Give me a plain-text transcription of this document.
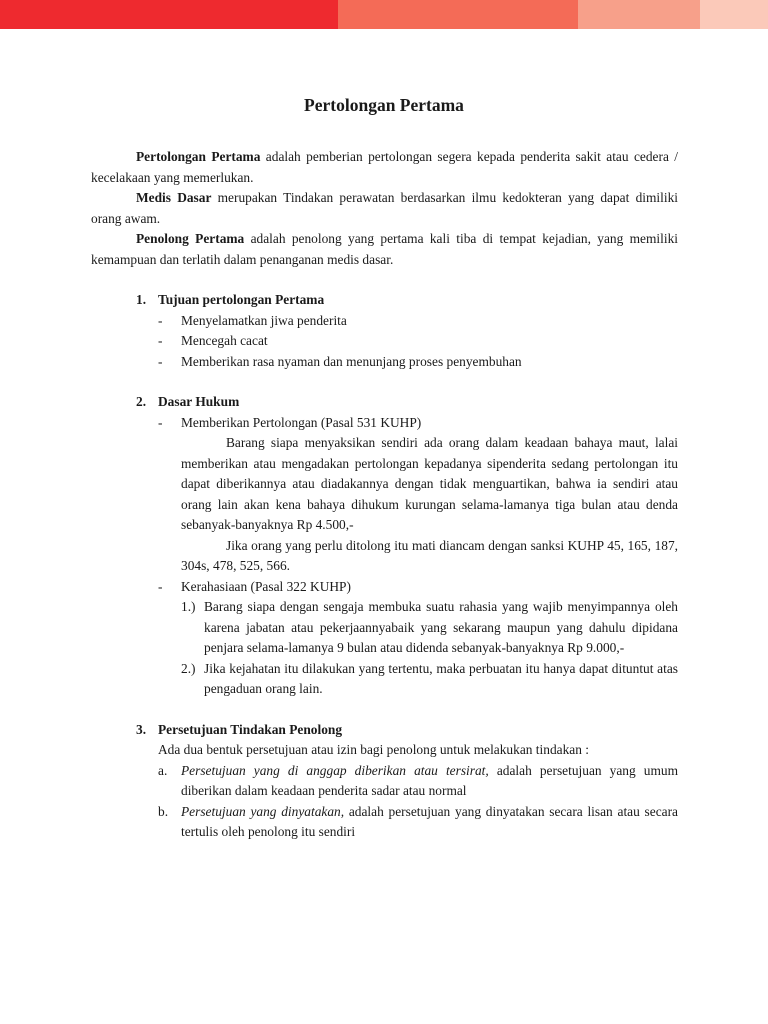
Pertolongan Pertama

Pertolongan Pertama adalah pemberian pertolongan segera kepada penderita sakit atau cedera / kecelakaan yang memerlukan.

Medis Dasar merupakan Tindakan perawatan berdasarkan ilmu kedokteran yang dapat dimiliki orang awam.

Penolong Pertama adalah penolong yang pertama kali tiba di tempat kejadian, yang memiliki kemampuan dan terlatih dalam penanganan medis dasar.

1. Tujuan pertolongan Pertama
- Menyelamatkan jiwa penderita
- Mencegah cacat
- Memberikan rasa nyaman dan menunjang proses penyembuhan
2. Dasar Hukum
- Memberikan Pertolongan (Pasal 531 KUHP)

Barang siapa menyaksikan sendiri ada orang dalam keadaan bahaya maut, lalai memberikan atau mengadakan pertolongan kepadanya sipenderita sedang pertolongan itu dapat diberikannya atau diadakannya dengan tidak menguartikan, bahwa ia sendiri atau orang lain akan kena bahaya dihukum kurungan selama-lamanya tiga bulan atau denda sebanyak-banyaknya Rp 4.500,-

Jika orang yang perlu ditolong itu mati diancam dengan sanksi KUHP 45, 165, 187, 304s, 478, 525, 566.

- Kerahasiaan (Pasal 322 KUHP)
1.) Barang siapa dengan sengaja membuka suatu rahasia yang wajib menyimpannya oleh karena jabatan atau pekerjaannyabaik yang sekarang maupun yang dahulu dipidana penjara selama-lamanya 9 bulan atau didenda sebanyak-banyaknya Rp 9.000,-
2.) Jika kejahatan itu dilakukan yang tertentu, maka perbuatan itu hanya dapat dituntut atas pengaduan orang lain.
3. Persetujuan Tindakan Penolong

Ada dua bentuk persetujuan atau izin bagi penolong untuk melakukan tindakan :

a. Persetujuan yang di anggap diberikan atau tersirat, adalah persetujuan yang umum diberikan dalam keadaan penderita sadar atau normal
b. Persetujuan yang dinyatakan, adalah persetujuan yang dinyatakan secara lisan atau secara tertulis oleh penolong itu sendiri
